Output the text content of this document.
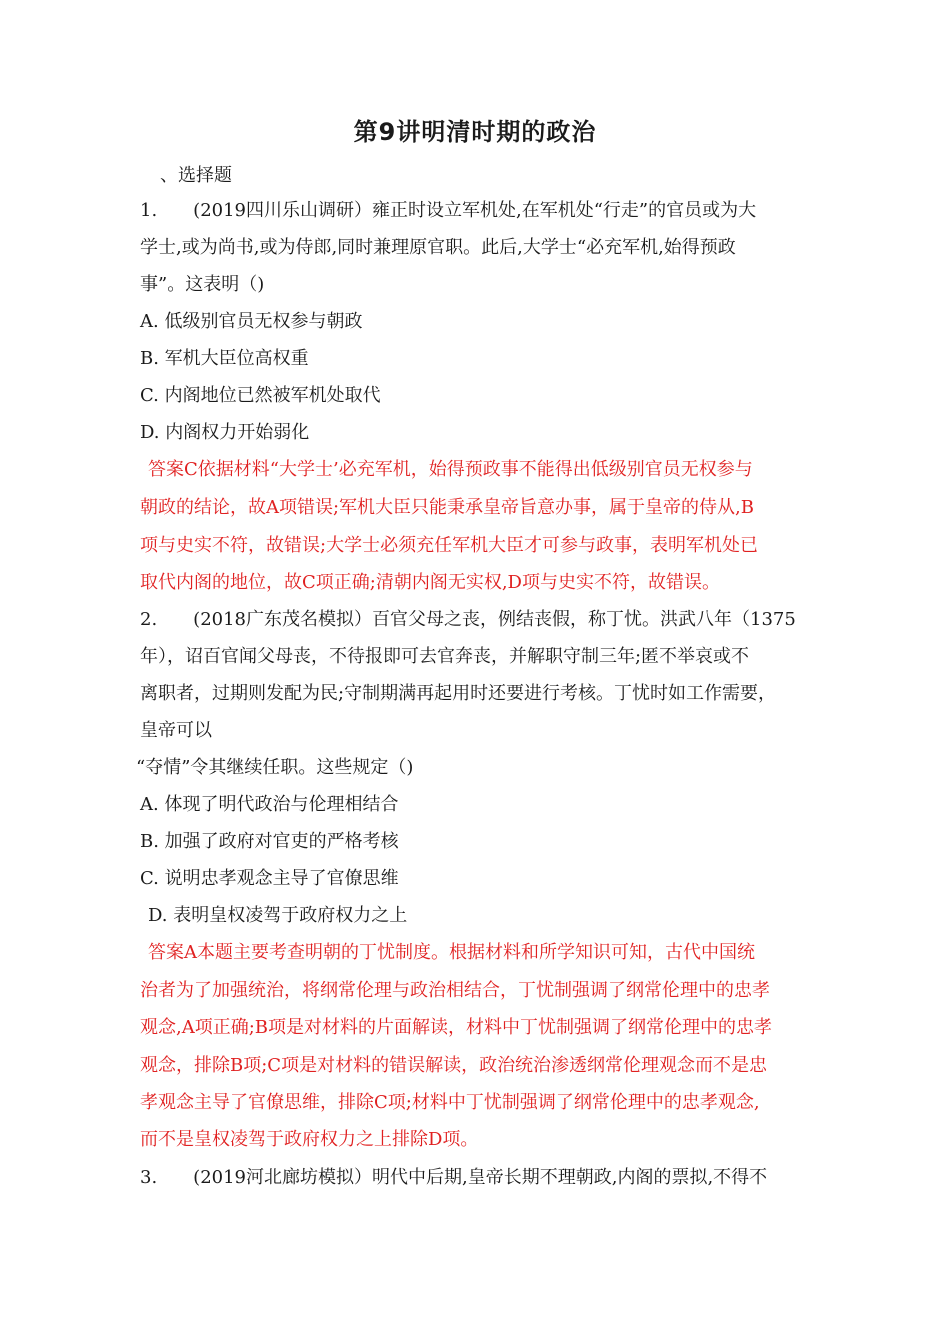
第9讲明清时期的政治
、选择题
1.　　(2019四川乐山调研）雍正时设立军机处,在军机处“行走”的官员或为大
学士,或为尚书,或为侍郎,同时兼理原官职。此后,大学士“必充军机,始得预政
事”。这表明（)
A. 低级别官员无权参与朝政
B. 军机大臣位高权重
C. 内阁地位已然被军机处取代
D. 内阁权力开始弱化
答案C依据材料“大学士’必充军机，始得预政事不能得出低级别官员无权参与
朝政的结论，故A项错误;军机大臣只能秉承皇帝旨意办事，属于皇帝的侍从,B
项与史实不符，故错误;大学士必须充任军机大臣才可参与政事，表明军机处已
取代内阁的地位，故C项正确;清朝内阁无实权,D项与史实不符，故错误。
2.　　(2018广东茂名模拟）百官父母之丧，例结丧假，称丁忧。洪武八年（1375
年），诏百官闻父母丧，不待报即可去官奔丧，并解职守制三年;匿不举哀或不
离职者，过期则发配为民;守制期满再起用时还要进行考核。丁忧时如工作需要，
皇帝可以
“夺情”令其继续任职。这些规定（)
A. 体现了明代政治与伦理相结合
B. 加强了政府对官吏的严格考核
C. 说明忠孝观念主导了官僚思维
D. 表明皇权凌驾于政府权力之上
答案A本题主要考查明朝的丁忧制度。根据材料和所学知识可知，古代中国统
治者为了加强统治，将纲常伦理与政治相结合，丁忧制强调了纲常伦理中的忠孝
观念,A项正确;B项是对材料的片面解读，材料中丁忧制强调了纲常伦理中的忠孝
观念，排除B项;C项是对材料的错误解读，政治统治渗透纲常伦理观念而不是忠
孝观念主导了官僚思维，排除C项;材料中丁忧制强调了纲常伦理中的忠孝观念,
而不是皇权凌驾于政府权力之上排除D项。
3.　　(2019河北廊坊模拟）明代中后期,皇帝长期不理朝政,内阁的票拟,不得不
